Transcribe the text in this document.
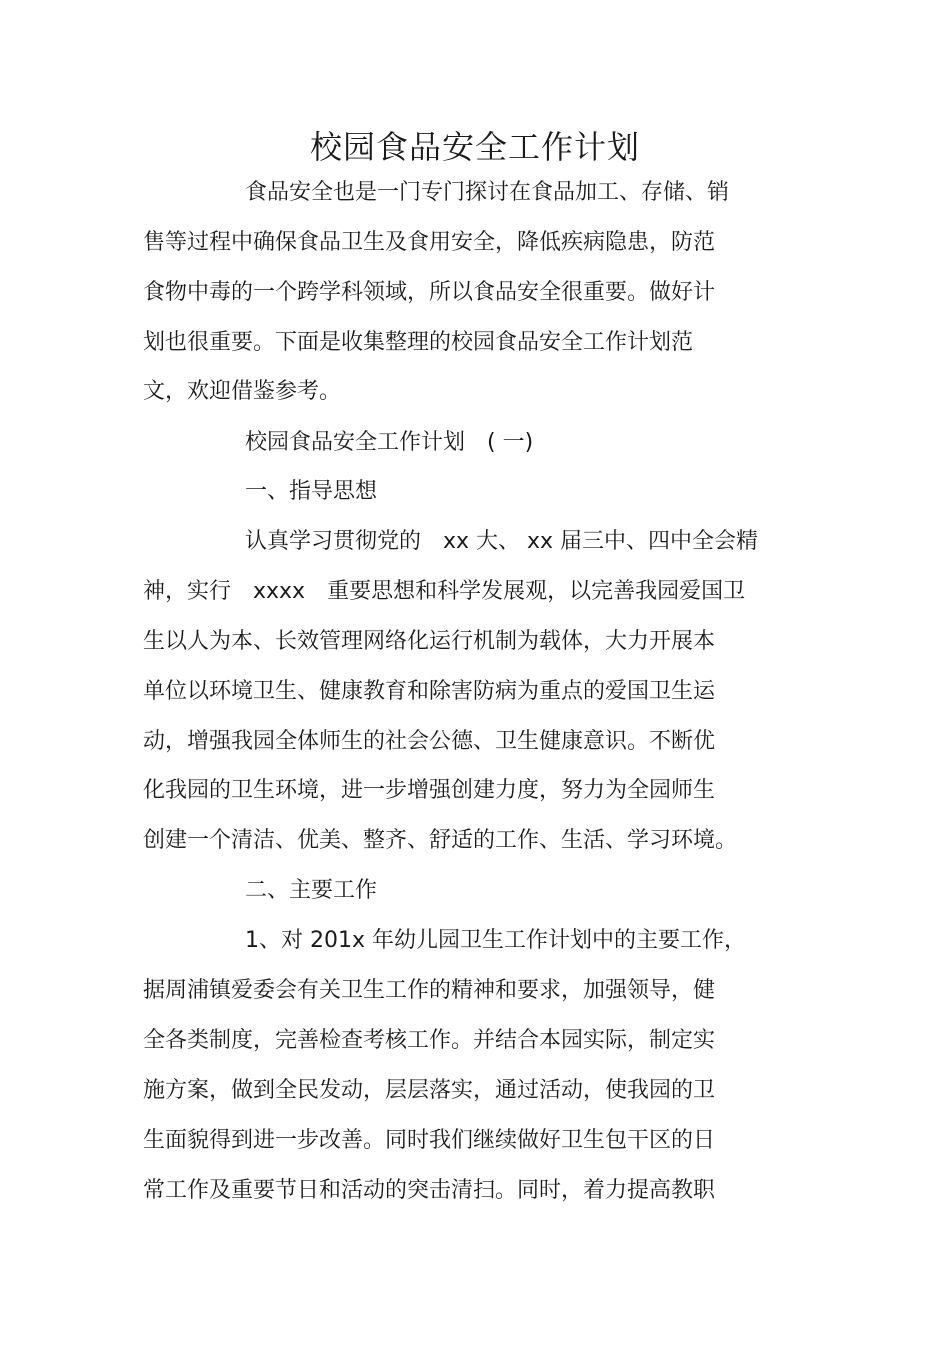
校园食品安全工作计划
食品安全也是一门专门探讨在食品加工、存储、销
售等过程中确保食品卫生及食用安全，降低疾病隐患，防范
食物中毒的一个跨学科领域，所以食品安全很重要。做好计
划也很重要。下面是收集整理的校园食品安全工作计划范
文，欢迎借鉴参考。
校园食品安全工作计划　( 一)
一、指导思想
认真学习贯彻党的　xx 大、 xx 届三中、四中全会精
神，实行　xxxx　重要思想和科学发展观，以完善我园爱国卫
生以人为本、长效管理网络化运行机制为载体，大力开展本
单位以环境卫生、健康教育和除害防病为重点的爱国卫生运
动，增强我园全体师生的社会公德、卫生健康意识。不断优
化我园的卫生环境，进一步增强创建力度，努力为全园师生
创建一个清洁、优美、整齐、舒适的工作、生活、学习环境。
二、主要工作
1、对 201x 年幼儿园卫生工作计划中的主要工作，
据周浦镇爱委会有关卫生工作的精神和要求，加强领导，健
全各类制度，完善检查考核工作。并结合本园实际，制定实
施方案，做到全民发动，层层落实，通过活动，使我园的卫
生面貌得到进一步改善。同时我们继续做好卫生包干区的日
常工作及重要节日和活动的突击清扫。同时，着力提高教职
